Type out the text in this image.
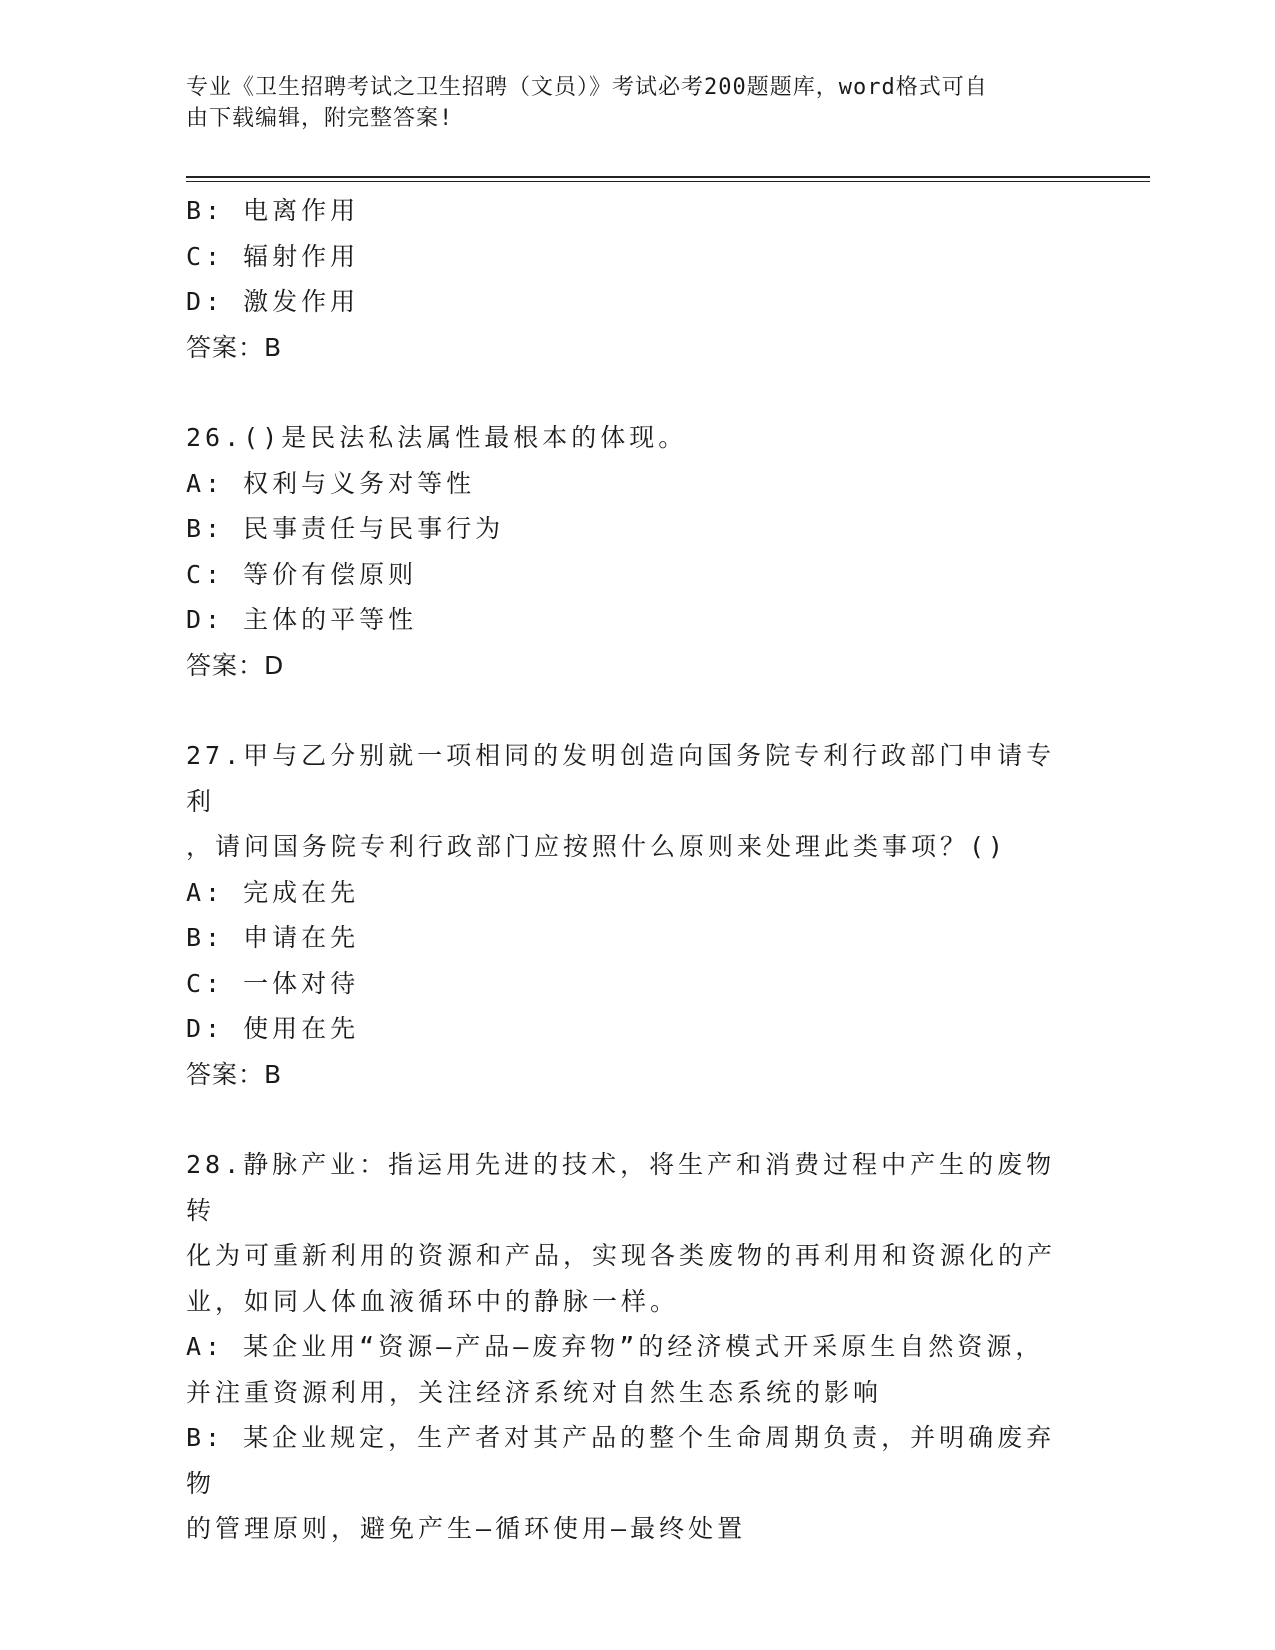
专业《卫生招聘考试之卫生招聘（文员）》考试必考200题题库，word格式可自
由下载编辑，附完整答案!
B: 电离作用
C: 辐射作用
D: 激发作用
答案：B
26.()是民法私法属性最根本的体现。
A: 权利与义务对等性
B: 民事责任与民事行为
C: 等价有偿原则
D: 主体的平等性
答案：D
27.甲与乙分别就一项相同的发明创造向国务院专利行政部门申请专利
，请问国务院专利行政部门应按照什么原则来处理此类事项？()
A: 完成在先
B: 申请在先
C: 一体对待
D: 使用在先
答案：B
28.静脉产业：指运用先进的技术，将生产和消费过程中产生的废物转
化为可重新利用的资源和产品，实现各类废物的再利用和资源化的产
业，如同人体血液循环中的静脉一样。
A: 某企业用“资源—产品—废弃物”的经济模式开采原生自然资源，
并注重资源利用，关注经济系统对自然生态系统的影响
B: 某企业规定，生产者对其产品的整个生命周期负责，并明确废弃物
的管理原则，避免产生—循环使用—最终处置
